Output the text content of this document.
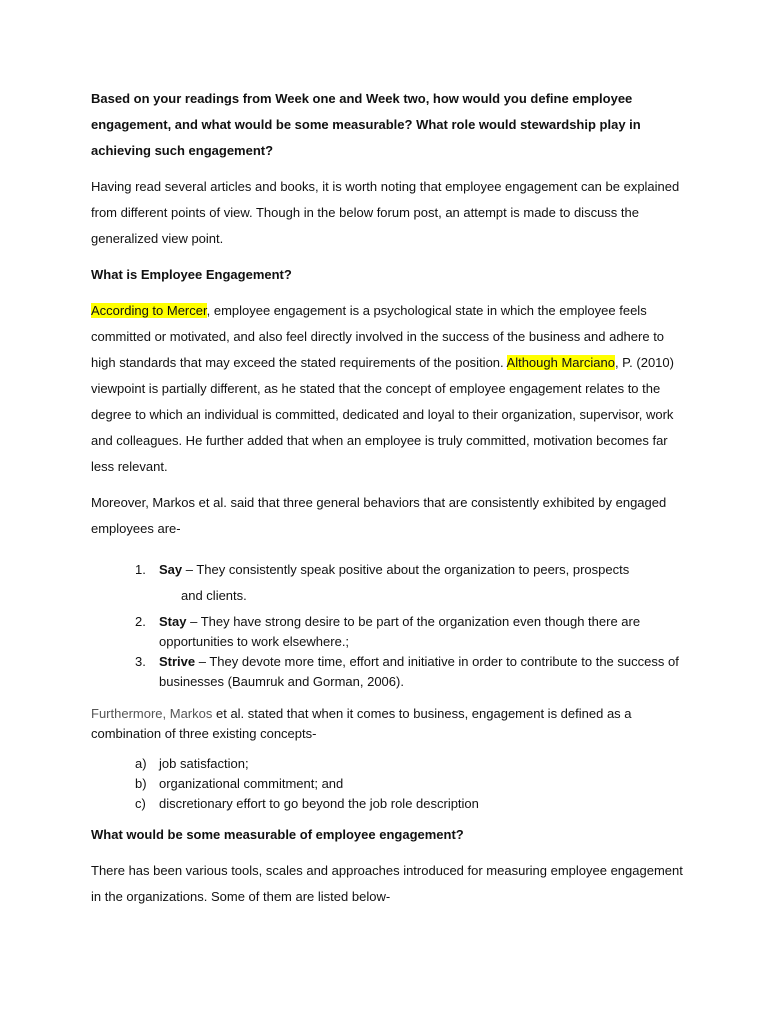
Based on your readings from Week one and Week two, how would you define employee engagement, and what would be some measurable? What role would stewardship play in achieving such engagement?

Having read several articles and books, it is worth noting that employee engagement can be explained from different points of view. Though in the below forum post, an attempt is made to discuss the generalized view point.

What is Employee Engagement?

According to Mercer, employee engagement is a psychological state in which the employee feels committed or motivated, and also feel directly involved in the success of the business and adhere to high standards that may exceed the stated requirements of the position. Although Marciano, P. (2010) viewpoint is partially different, as he stated that the concept of employee engagement relates to the degree to which an individual is committed, dedicated and loyal to their organization, supervisor, work and colleagues. He further added that when an employee is truly committed, motivation becomes far less relevant.

Moreover, Markos et al. said that three general behaviors that are consistently exhibited by engaged employees are-

1. Say – They consistently speak positive about the organization to peers, prospects
and clients.
2. Stay – They have strong desire to be part of the organization even though there are opportunities to work elsewhere.;
3. Strive – They devote more time, effort and initiative in order to contribute to the success of businesses (Baumruk and Gorman, 2006).

Furthermore, Markos et al. stated that when it comes to business, engagement is defined as a combination of three existing concepts-

a) job satisfaction;
b) organizational commitment; and
c) discretionary effort to go beyond the job role description

What would be some measurable of employee engagement?

There has been various tools, scales and approaches introduced for measuring employee engagement in the organizations. Some of them are listed below-
